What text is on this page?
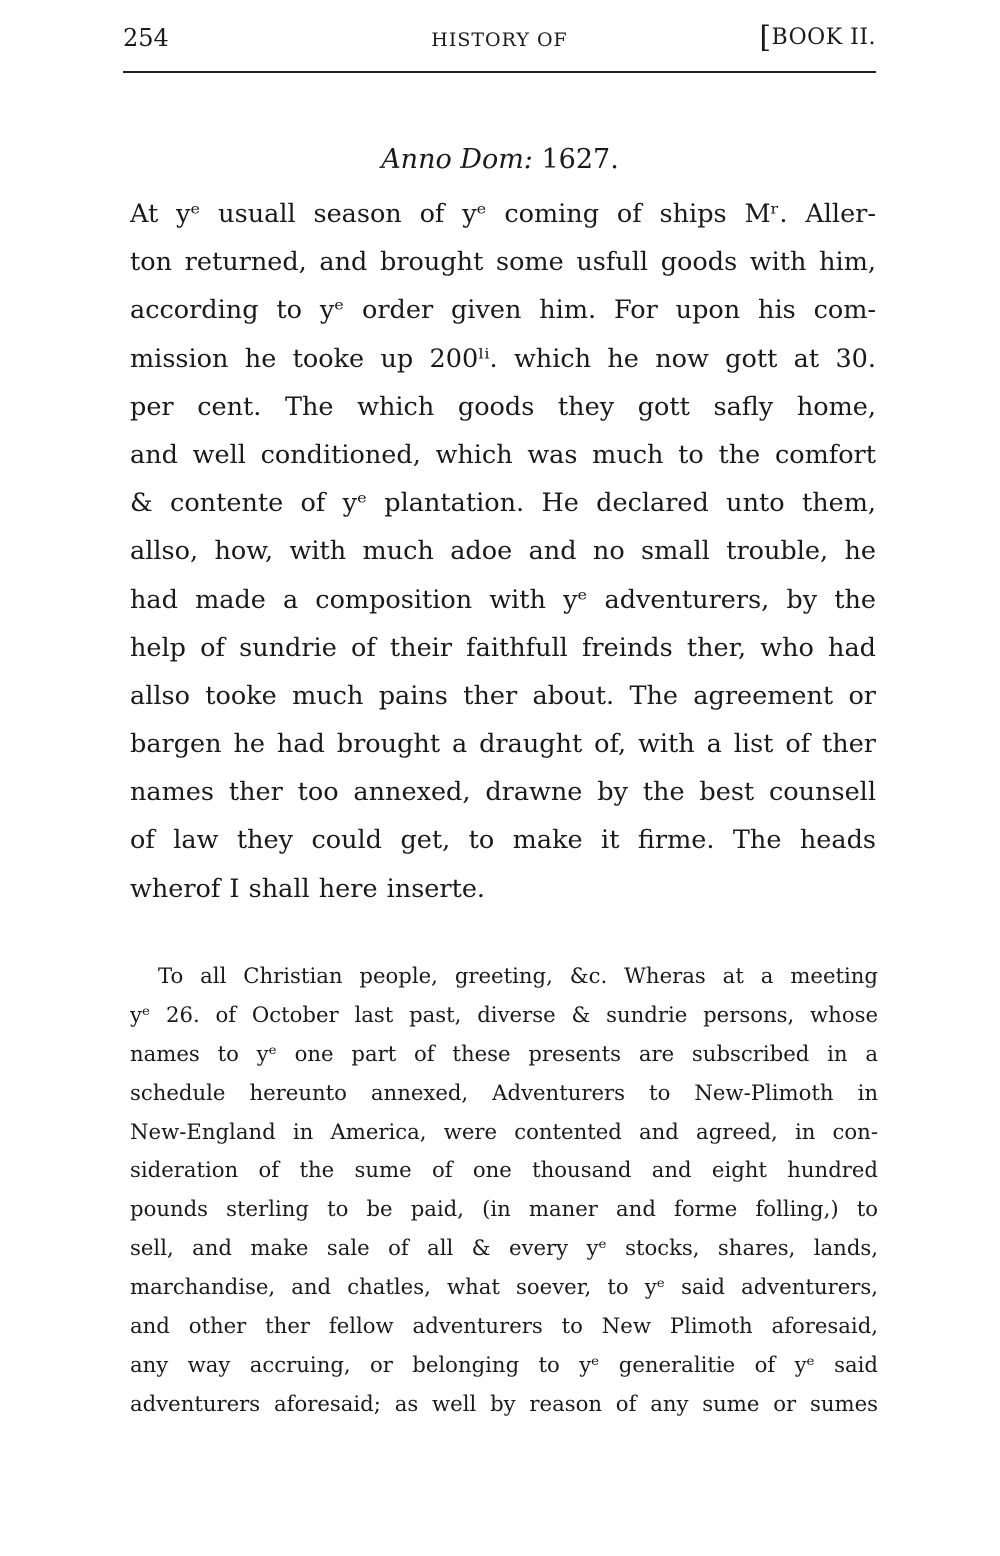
254	HISTORY OF	[BOOK II.
Anno Dom: 1627.
At yᵉ usuall season of yᵉ coming of ships Mʳ. Aller-
ton returned, and brought some usfull goods with him,
according to yᵉ order given him. For upon his com-
mission he tooke up 200ˡⁱ. which he now gott at 30.
per cent. The which goods they gott safly home,
and well conditioned, which was much to the comfort
& contente of yᵉ plantation. He declared unto them,
allso, how, with much adoe and no small trouble, he
had made a composition with yᵉ adventurers, by the
help of sundrie of their faithfull freinds ther, who had
allso tooke much pains ther about. The agreement or
bargen he had brought a draught of, with a list of ther
names ther too annexed, drawne by the best counsell
of law they could get, to make it firme. The heads
wherof I shall here inserte.
To all Christian people, greeting, &c. Wheras at a meeting
yᵉ 26. of October last past, diverse & sundrie persons, whose
names to yᵉ one part of these presents are subscribed in a
schedule hereunto annexed, Adventurers to New-Plimoth in
New-England in America, were contented and agreed, in con-
sideration of the sume of one thousand and eight hundred
pounds sterling to be paid, (in maner and forme folling,) to
sell, and make sale of all & every yᵉ stocks, shares, lands,
marchandise, and chatles, what soever, to yᵉ said adventurers,
and other ther fellow adventurers to New Plimoth aforesaid,
any way accruing, or belonging to yᵉ generalitie of yᵉ said
adventurers aforesaid; as well by reason of any sume or sumes
